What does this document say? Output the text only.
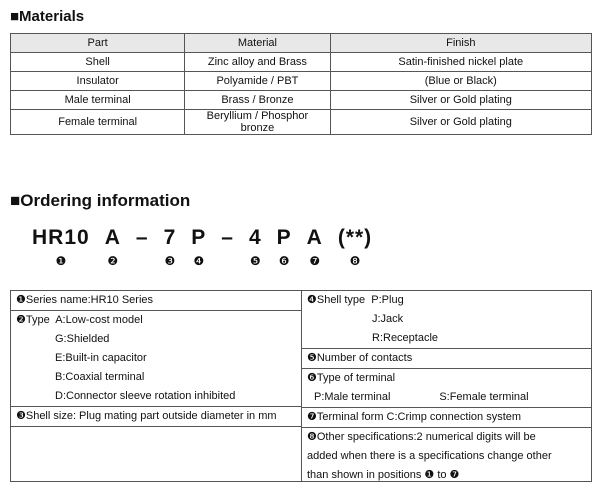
■Materials
Part	Material	Finish
Shell	Zinc alloy and Brass	Satin-finished nickel plate
Insulator	Polyamide / PBT	(Blue or Black)
Male terminal	Brass / Bronze	Silver or Gold plating
Female terminal	Beryllium / Phosphor bronze	Silver or Gold plating
■Ordering information
HR10
❶
A
❷
– 7
❸
P
❹
– 4
❺
P
❻
A
❼
(**)
❽
❶Series name:HR10 Series
❷Type  A:Low-cost model
G:Shielded
E:Built-in capacitor
B:Coaxial terminal
D:Connector sleeve rotation inhibited
❸Shell size: Plug mating part outside diameter in mm
❹Shell type  P:Plug
J:Jack
R:Receptacle
❺Number of contacts
❻Type of terminal
P:Male terminal                S:Female terminal
❼Terminal form C:Crimp connection system
❽Other specifications:2 numerical digits will be
added when there is a specifications change other
than shown in positions ❶ to ❼
